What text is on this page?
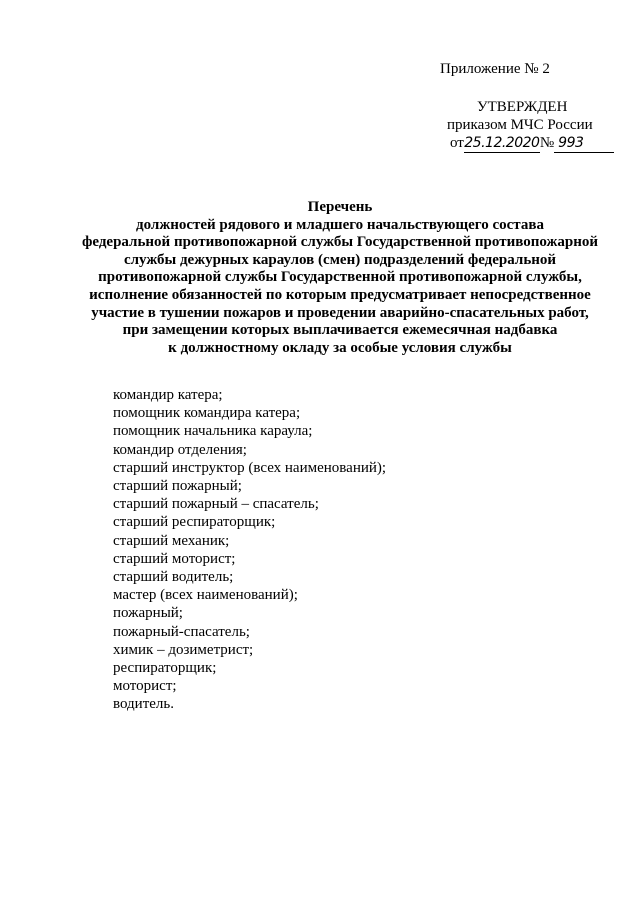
Приложение № 2
УТВЕРЖДЕН
приказом МЧС России
от25.12.2020№ 993
Перечень
должностей рядового и младшего начальствующего состава
федеральной противопожарной службы Государственной противопожарной
службы дежурных караулов (смен) подразделений федеральной
противопожарной службы Государственной противопожарной службы,
исполнение обязанностей по которым предусматривает непосредственное
участие в тушении пожаров и проведении аварийно-спасательных работ,
при замещении которых выплачивается ежемесячная надбавка
к должностному окладу за особые условия службы
командир катера;
помощник командира катера;
помощник начальника караула;
командир отделения;
старший инструктор (всех наименований);
старший пожарный;
старший пожарный – спасатель;
старший респираторщик;
старший механик;
старший моторист;
старший водитель;
мастер (всех наименований);
пожарный;
пожарный-спасатель;
химик – дозиметрист;
респираторщик;
моторист;
водитель.
